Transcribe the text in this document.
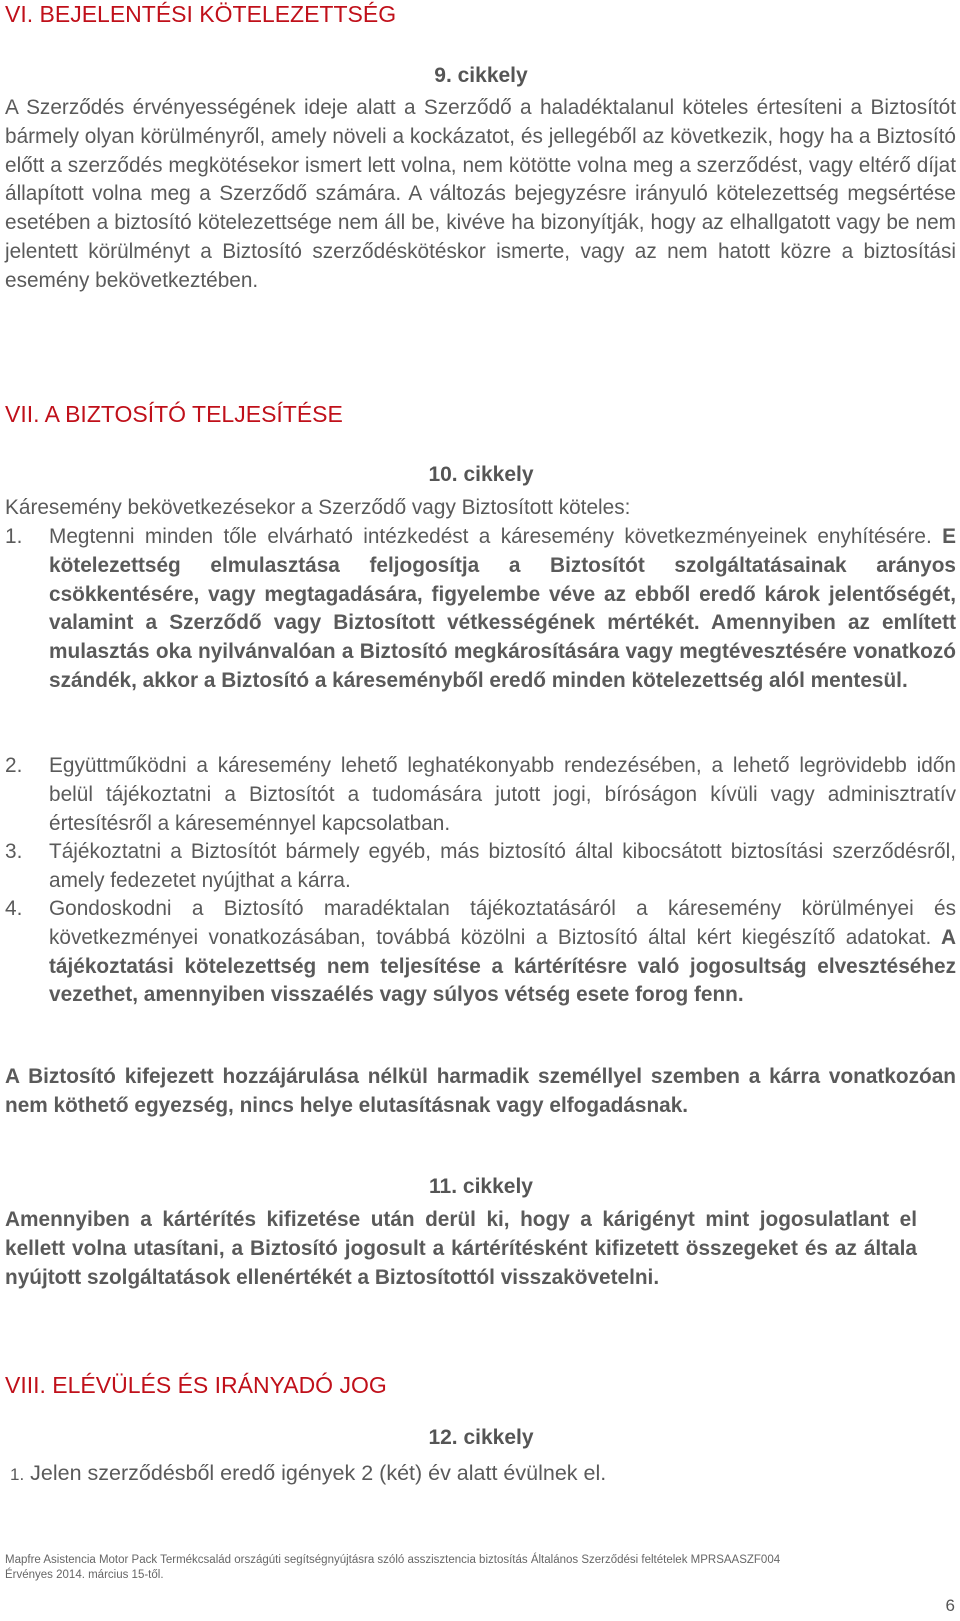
VI. BEJELENTÉSI KÖTELEZETTSÉG
9. cikkely

A Szerződés érvényességének ideje alatt a Szerződő a haladéktalanul köteles értesíteni a Biztosítót bármely olyan körülményről, amely növeli a kockázatot, és jellegéből az következik, hogy ha a Biztosító előtt a szerződés megkötésekor ismert lett volna, nem kötötte volna meg a szerződést, vagy eltérő díjat állapított volna meg a Szerződő számára. A változás bejegyzésre irányuló kötelezettség megsértése esetében a biztosító kötelezettsége nem áll be, kivéve ha bizonyítják, hogy az elhallgatott vagy be nem jelentett körülményt a Biztosító szerződéskötéskor ismerte, vagy az nem hatott közre a biztosítási esemény bekövetkeztében.

VII. A BIZTOSÍTÓ TELJESÍTÉSE
10. cikkely

Káresemény bekövetkezésekor a Szerződő vagy Biztosított köteles:

1.	Megtenni minden tőle elvárható intézkedést a káresemény következményeinek enyhítésére. E kötelezettség elmulasztása feljogosítja a Biztosítót szolgáltatásainak arányos csökkentésére, vagy megtagadására, figyelembe véve az ebből eredő károk jelentőségét, valamint a Szerződő vagy Biztosított vétkességének mértékét. Amennyiben az említett mulasztás oka nyilvánvalóan a Biztosító megkárosítására vagy megtévesztésére vonatkozó szándék, akkor a Biztosító a káreseményből eredő minden kötelezettség alól mentesül.
2.	Együttműködni a káresemény lehető leghatékonyabb rendezésében, a lehető legrövidebb időn belül tájékoztatni a Biztosítót a tudomására jutott jogi, bíróságon kívüli vagy adminisztratív értesítésről a káreseménnyel kapcsolatban.
3.	Tájékoztatni a Biztosítót bármely egyéb, más biztosító által kibocsátott biztosítási szerződésről, amely fedezetet nyújthat a kárra.
4.	Gondoskodni a Biztosító maradéktalan tájékoztatásáról a káresemény körülményei és következményei vonatkozásában, továbbá közölni a Biztosító által kért kiegészítő adatokat. A tájékoztatási kötelezettség nem teljesítése a kártérítésre való jogosultság elvesztéséhez vezethet, amennyiben visszaélés vagy súlyos vétség esete forog fenn.

A Biztosító kifejezett hozzájárulása nélkül harmadik személlyel szemben a kárra vonatkozóan nem köthető egyezség, nincs helye elutasításnak vagy elfogadásnak.

11. cikkely

Amennyiben a kártérítés kifizetése után derül ki, hogy a kárigényt mint jogosulatlant el kellett volna utasítani, a Biztosító jogosult a kártérítésként kifizetett összegeket és az általa nyújtott szolgáltatások ellenértékét a Biztosítottól visszakövetelni.

VIII. ELÉVÜLÉS ÉS IRÁNYADÓ JOG
12. cikkely
1. Jelen szerződésből eredő igények 2 (két) év alatt évülnek el.
Mapfre Asistencia Motor Pack Termékcsalád országúti segítségnyújtásra szóló asszisztencia biztosítás Általános Szerződési feltételek MPRSAASZF004
Érvényes 2014. március 15-től.
6
